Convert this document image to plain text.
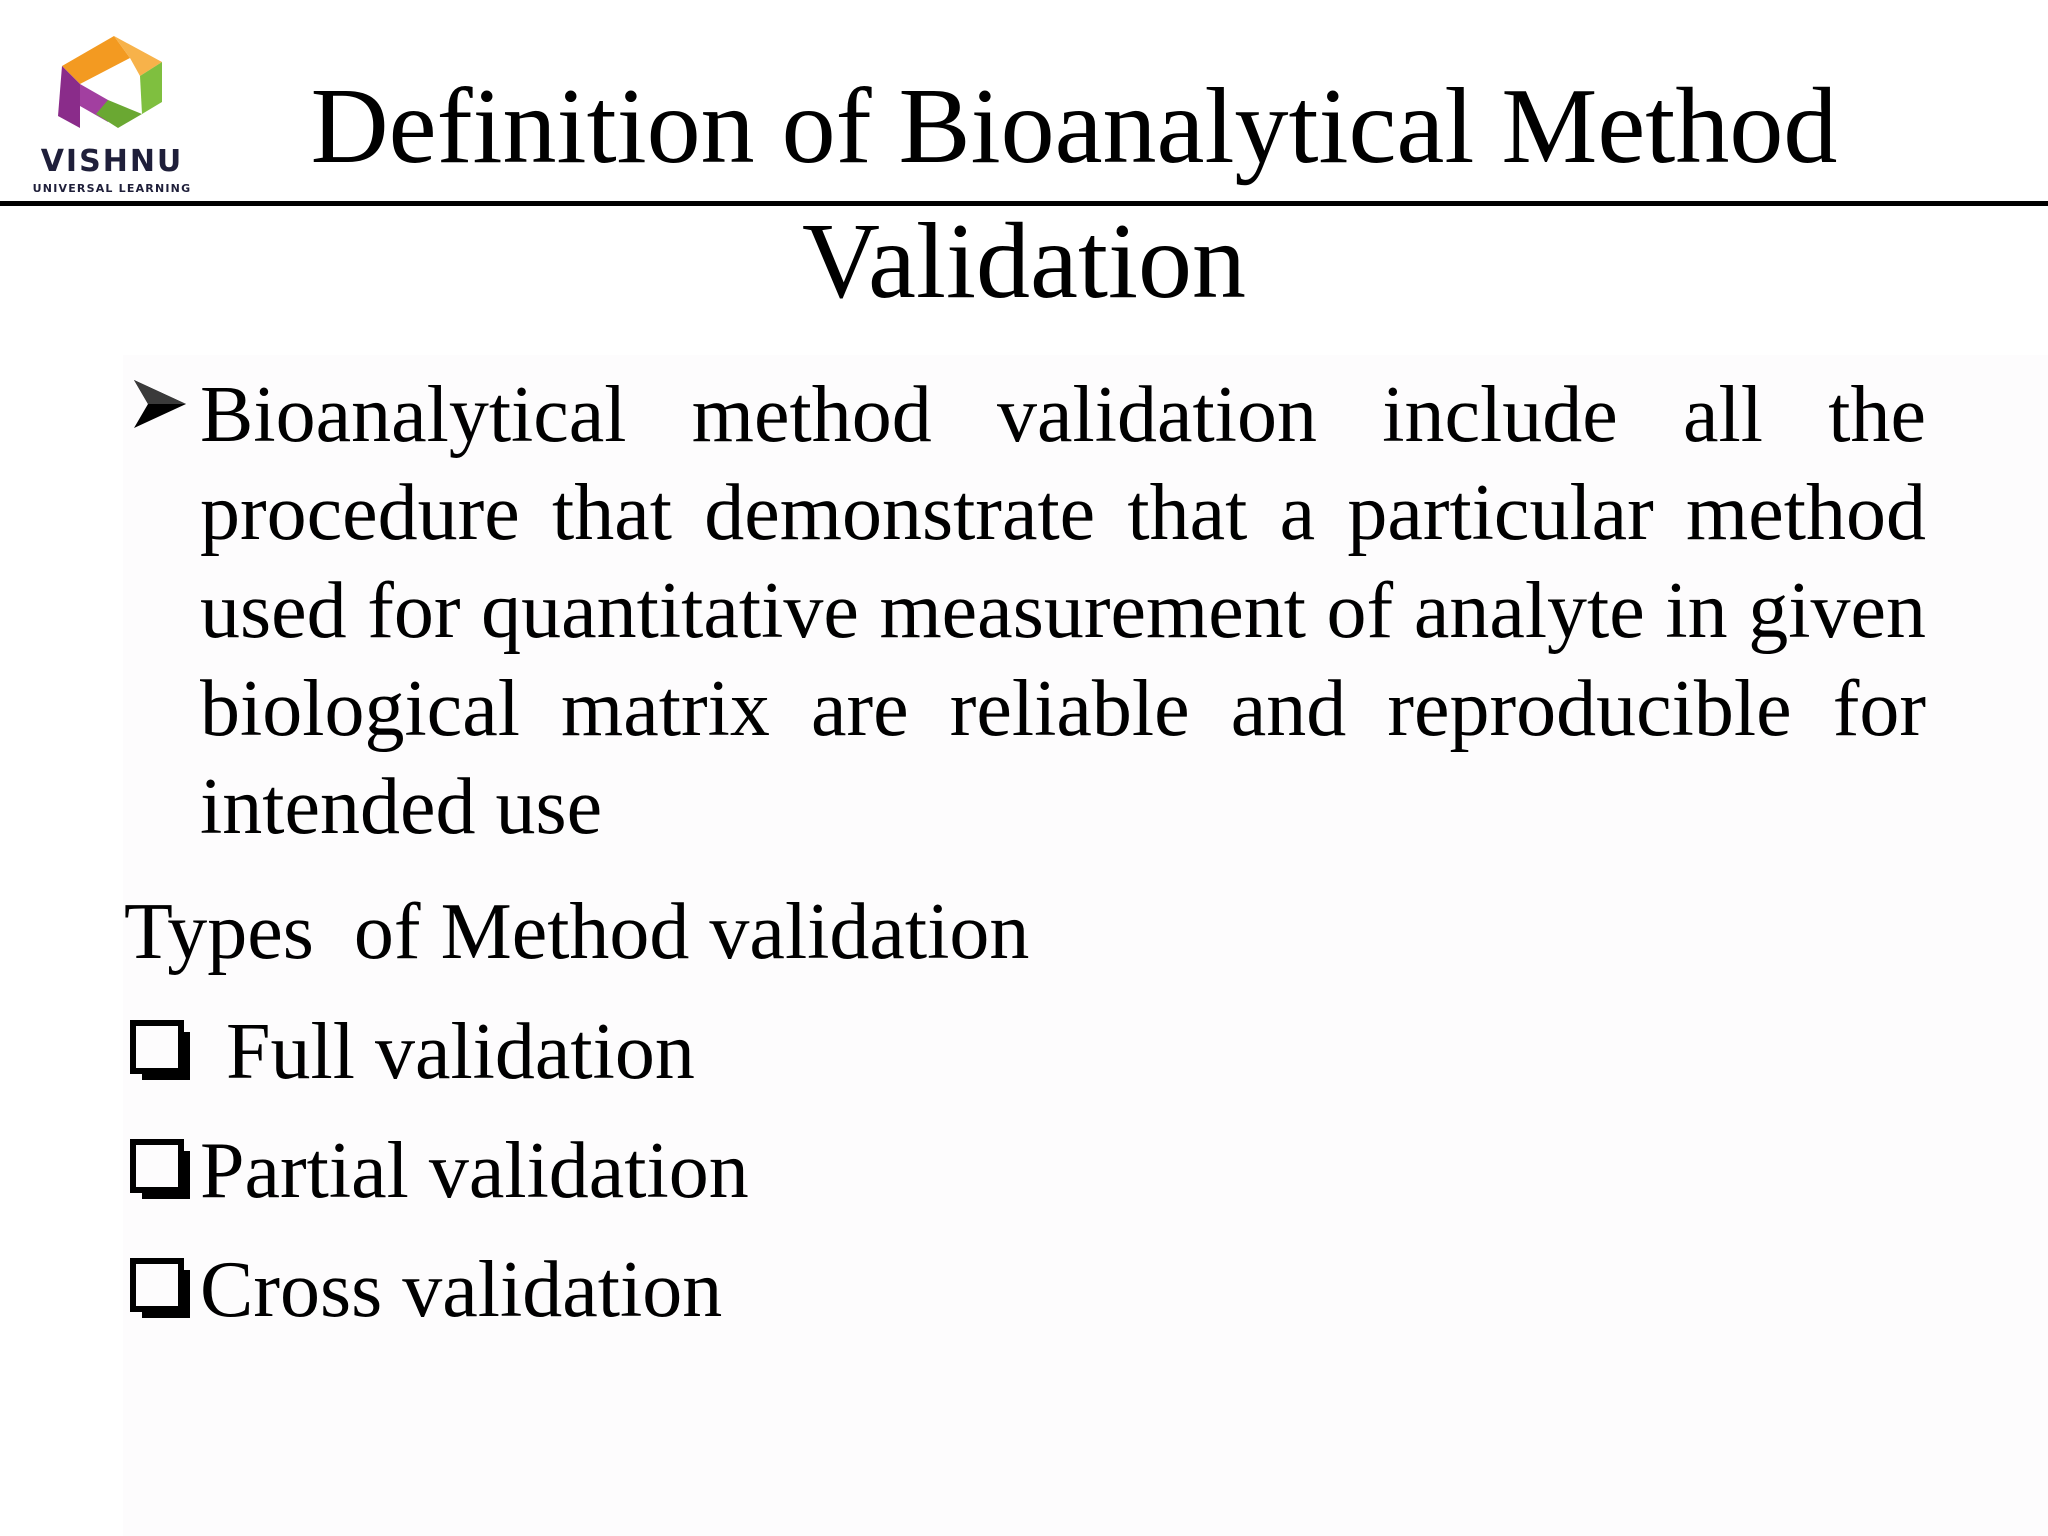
VISHNU
UNIVERSAL LEARNING
Definition of Bioanalytical Method
Validation
Bioanalytical method validation include all the procedure that demonstrate that a particular method used for quantitative measurement of analyte in given biological matrix are reliable and reproducible for intended use
Types  of Method validation
Full validation
Partial validation
Cross validation
